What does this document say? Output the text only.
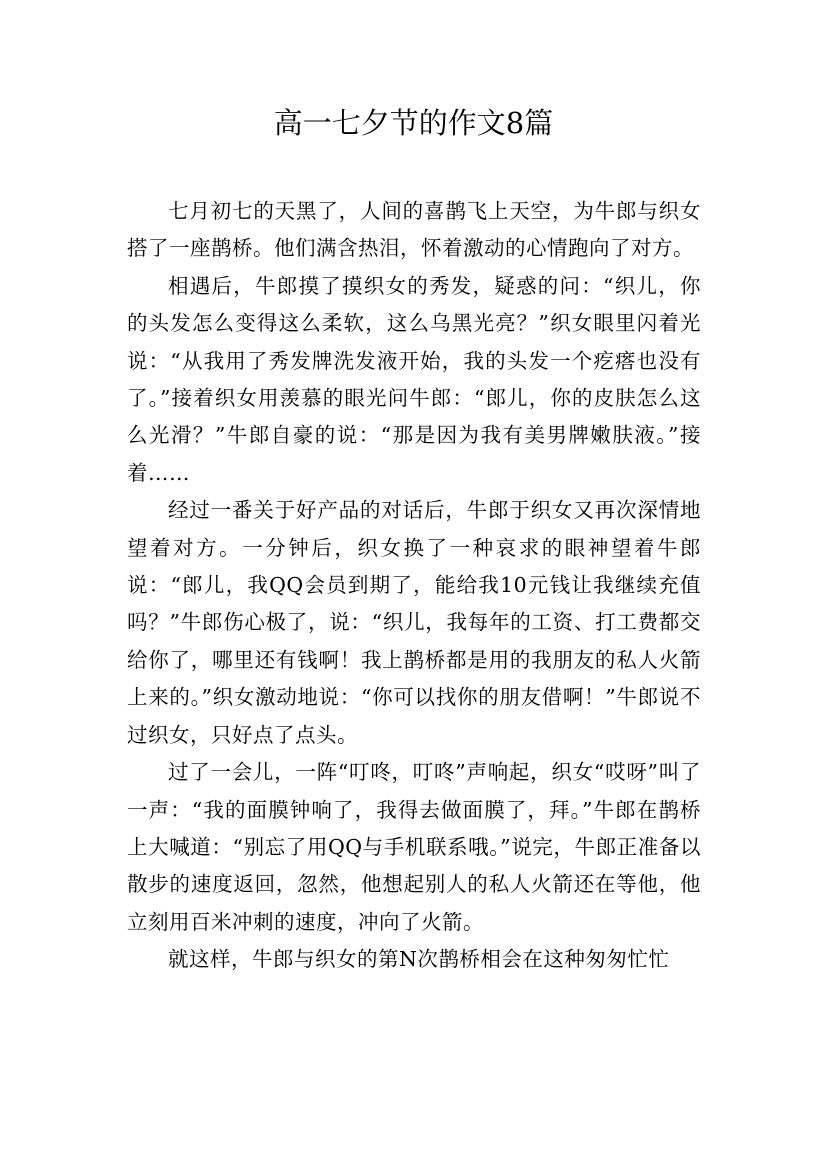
高一七夕节的作文8篇

七月初七的天黑了，人间的喜鹊飞上天空，为牛郎与织女搭了一座鹊桥。他们满含热泪，怀着激动的心情跑向了对方。

相遇后，牛郎摸了摸织女的秀发，疑惑的问：“织儿，你的头发怎么变得这么柔软，这么乌黑光亮？”织女眼里闪着光说：“从我用了秀发牌洗发液开始，我的头发一个疙瘩也没有了。”接着织女用羡慕的眼光问牛郎：“郎儿，你的皮肤怎么这么光滑？”牛郎自豪的说：“那是因为我有美男牌嫩肤液。”接着……

经过一番关于好产品的对话后，牛郎于织女又再次深情地望着对方。一分钟后，织女换了一种哀求的眼神望着牛郎说：“郎儿，我QQ会员到期了，能给我10元钱让我继续充值吗？”牛郎伤心极了，说：“织儿，我每年的工资、打工费都交给你了，哪里还有钱啊！我上鹊桥都是用的我朋友的私人火箭上来的。”织女激动地说：“你可以找你的朋友借啊！”牛郎说不过织女，只好点了点头。

过了一会儿，一阵“叮咚，叮咚”声响起，织女“哎呀”叫了一声：“我的面膜钟响了，我得去做面膜了，拜。”牛郎在鹊桥上大喊道：“别忘了用QQ与手机联系哦。”说完，牛郎正准备以散步的速度返回，忽然，他想起别人的私人火箭还在等他，他立刻用百米冲刺的速度，冲向了火箭。

就这样，牛郎与织女的第N次鹊桥相会在这种匆匆忙忙
